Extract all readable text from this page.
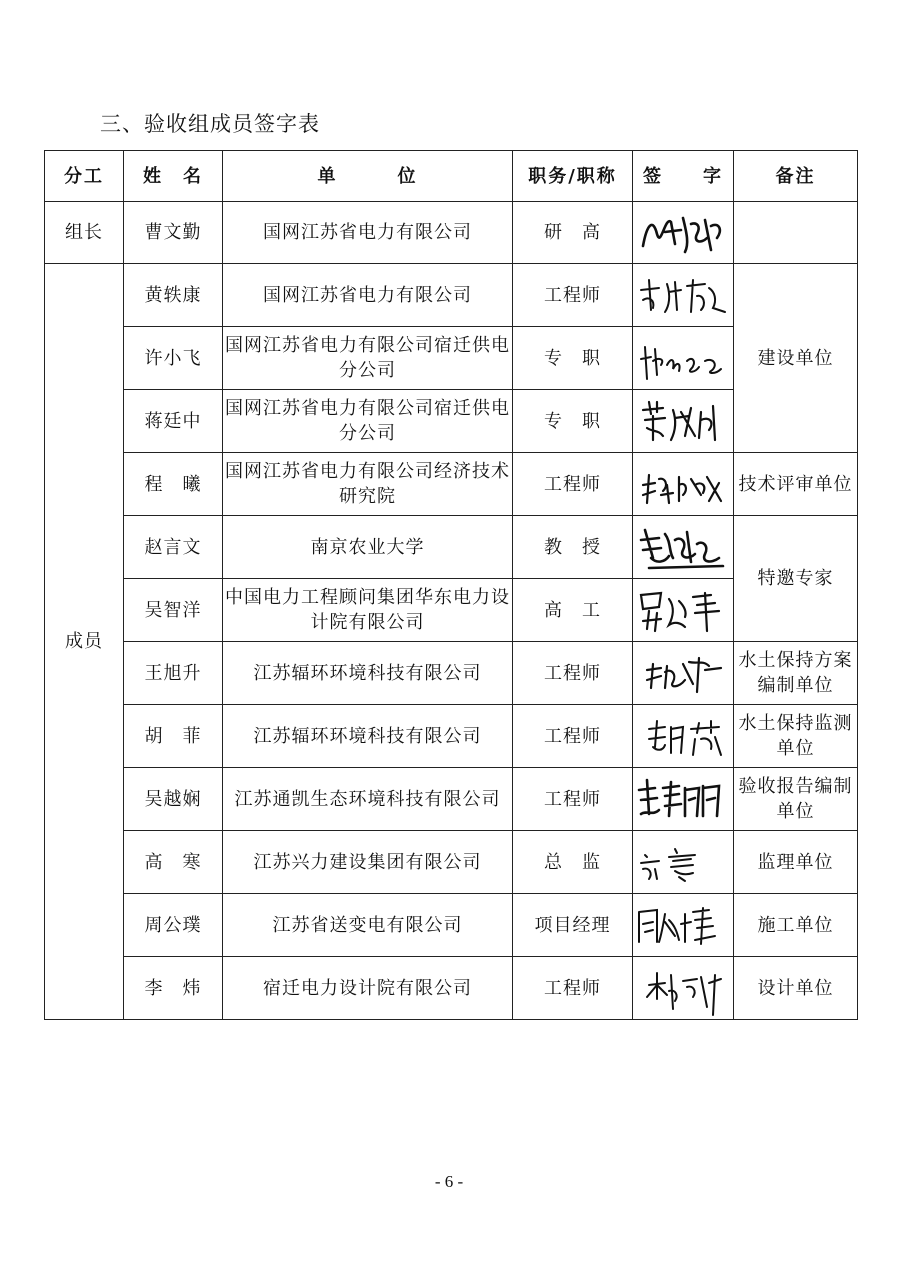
三、验收组成员签字表
分工	姓　名	单　　　位	职务/职称	签　　字	备注
组长	曹文勤	国网江苏省电力有限公司	研　高	

成员	黄轶康	国网江苏省电力有限公司	工程师		建设单位
	许小飞	国网江苏省电力有限公司宿迁供电分公司	专　职	

	蒋廷中	国网江苏省电力有限公司宿迁供电分公司	专　职	

	程　曦	国网江苏省电力有限公司经济技术研究院	工程师		技术评审单位
	赵言文	南京农业大学	教　授		特邀专家
	吴智洋	中国电力工程顾问集团华东电力设计院有限公司	高　工	

	王旭升	江苏辐环环境科技有限公司	工程师		水土保持方案编制单位
	胡　菲	江苏辐环环境科技有限公司	工程师		水土保持监测单位
	吴越娴	江苏通凯生态环境科技有限公司	工程师		验收报告编制单位
	高　寒	江苏兴力建设集团有限公司	总　监		监理单位
	周公璞	江苏省送变电有限公司	项目经理		施工单位
	李　炜	宿迁电力设计院有限公司	工程师		设计单位
- 6 -
